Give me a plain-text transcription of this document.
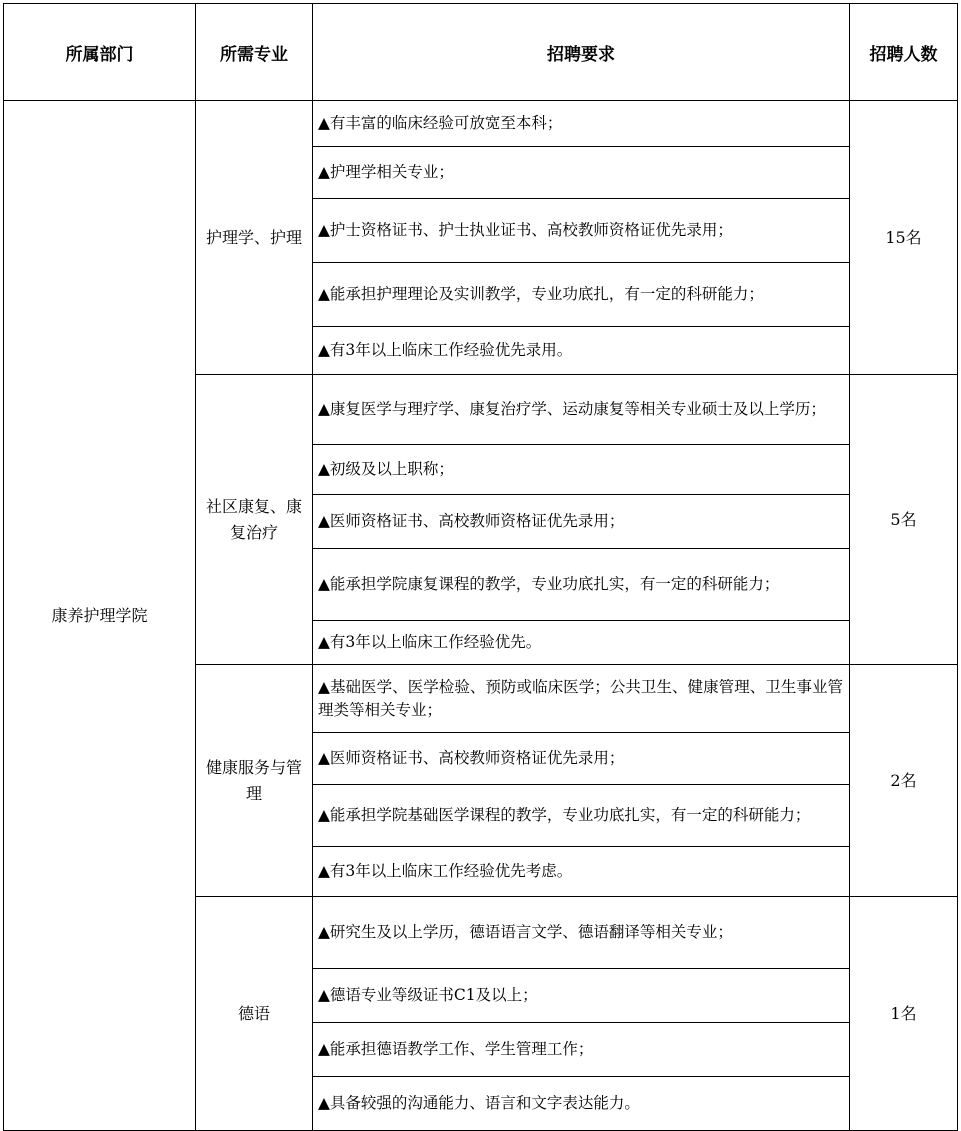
所属部门	所需专业	招聘要求	招聘人数
康养护理学院	护理学、护理	▲有丰富的临床经验可放宽至本科；	15名
		▲护理学相关专业；	
		▲护士资格证书、护士执业证书、高校教师资格证优先录用；	
		▲能承担护理理论及实训教学，专业功底扎，有一定的科研能力；	
		▲有3年以上临床工作经验优先录用。	
	社区康复、康复治疗	▲康复医学与理疗学、康复治疗学、运动康复等相关专业硕士及以上学历；	5名
		▲初级及以上职称；	
		▲医师资格证书、高校教师资格证优先录用；	
		▲能承担学院康复课程的教学，专业功底扎实，有一定的科研能力；	
		▲有3年以上临床工作经验优先。	
	健康服务与管理	▲基础医学、医学检验、预防或临床医学；公共卫生、健康管理、卫生事业管理类等相关专业；	2名
		▲医师资格证书、高校教师资格证优先录用；	
		▲能承担学院基础医学课程的教学，专业功底扎实，有一定的科研能力；	
		▲有3年以上临床工作经验优先考虑。	
	德语	▲研究生及以上学历，德语语言文学、德语翻译等相关专业；	1名
		▲德语专业等级证书C1及以上；	
		▲能承担德语教学工作、学生管理工作；	
		▲具备较强的沟通能力、语言和文字表达能力。	
